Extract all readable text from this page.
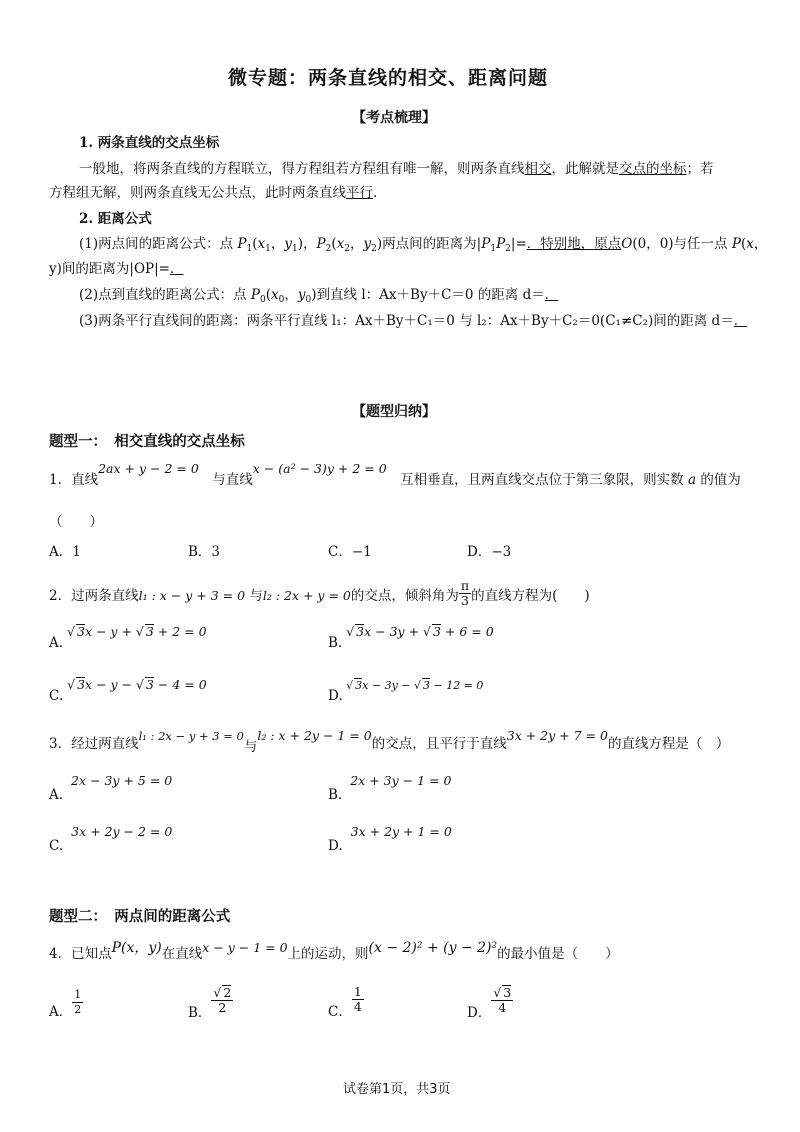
微专题：两条直线的相交、距离问题
【考点梳理】
1. 两条直线的交点坐标
一般地，将两条直线的方程联立，得方程组若方程组有唯一解，则两条直线相交，此解就是交点的坐标；若
方程组无解，则两条直线无公共点，此时两条直线平行.
2. 距离公式
(1)两点间的距离公式：点 $P_1(x_1$，$y_1$)，$P_2(x_2$，$y_2$)两点间的距离为$|P_1P_2|=$．特别地，原点O(0，0)与任一点 P(x，
y)间的距离为|OP|=．
(2)点到直线的距离公式：点 $P_0(x_0$，$y_0$)到直线 l：Ax＋By＋C＝0 的距离 d＝．
(3)两条平行直线间的距离：两条平行直线 l₁：Ax＋By＋C₁＝0 与 l₂：Ax＋By＋C₂＝0(C₁≠C₂)间的距离 d＝．
【题型归纳】
题型一：　相交直线的交点坐标
1．直线2ax + y − 2 = 0　与直线x − (a² − 3)y + 2 = 0　互相垂直，且两直线交点位于第三象限，则实数 a 的值为
（　　）
A．1	B．3	C．−1	D．−3
2．过两条直线l₁ : x − y + 3 = 0 与l₂ : 2x + y = 0的交点，倾斜角为 $\frac{\pi}{3}$ 的直线方程为(　　)
A. √ 3x − y + √ 3 + 2 = 0
B. √ 3x − 3y + √ 3 + 6 = 0
C. √ 3x − y − √ 3 − 4 = 0
D. √ 3x − 3y − √ 3 − 12 = 0
3．经过两直线l₁ : 2x − y + 3 = 0与l₂ : x + 2y − 1 = 0的交点，且平行于直线3x + 2y + 7 = 0的直线方程是（　）
A.2x − 3y + 5 = 0
B.2x + 3y − 1 = 0
C.3x + 2y − 2 = 0
D.3x + 2y + 1 = 0
题型二：　两点间的距离公式
4．已知点P(x，y)在直线x − y − 1 = 0上的运动，则(x − 2)² + (y − 2)²的最小值是（　　）
A． $\frac{1}{2}$	B． $\frac{√ 2}{2}$	C． $\frac{1}{4}$	D． $\frac{√ 3}{4}$
试卷第1页，共3页
